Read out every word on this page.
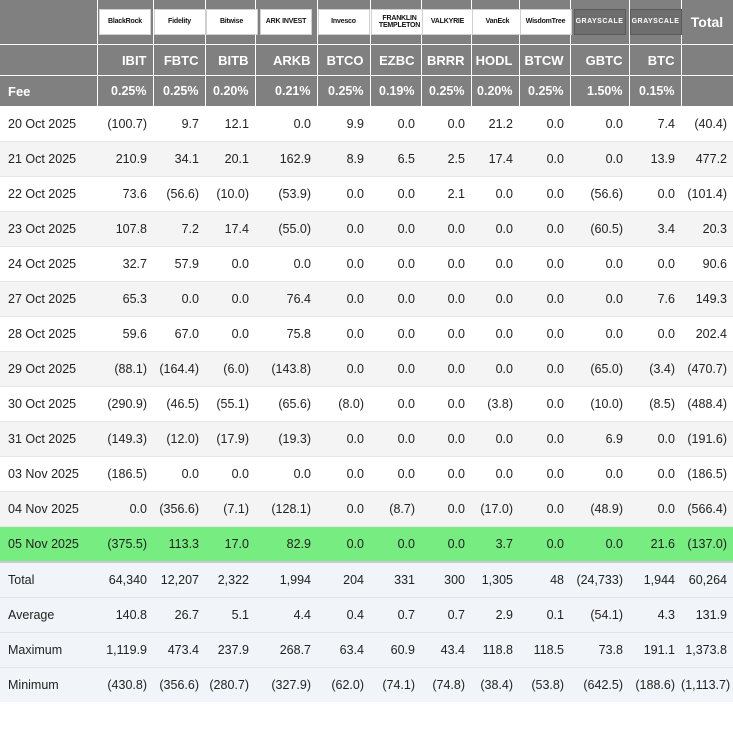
	BlackRock	Fidelity	Bitwise	ARK INVEST	Invesco	FRANKLIN TEMPLETON	VALKYRIE	VanEck	WisdomTree	GRAYSCALE	GRAYSCALE	Total
	IBIT	FBTC	BITB	ARKB	BTCO	EZBC	BRRR	HODL	BTCW	GBTC	BTC	
Fee	0.25%	0.25%	0.20%	0.21%	0.25%	0.19%	0.25%	0.20%	0.25%	1.50%	0.15%	
20 Oct 2025	(100.7)	9.7	12.1	0.0	9.9	0.0	0.0	21.2	0.0	0.0	7.4	(40.4)
21 Oct 2025	210.9	34.1	20.1	162.9	8.9	6.5	2.5	17.4	0.0	0.0	13.9	477.2
22 Oct 2025	73.6	(56.6)	(10.0)	(53.9)	0.0	0.0	2.1	0.0	0.0	(56.6)	0.0	(101.4)
23 Oct 2025	107.8	7.2	17.4	(55.0)	0.0	0.0	0.0	0.0	0.0	(60.5)	3.4	20.3
24 Oct 2025	32.7	57.9	0.0	0.0	0.0	0.0	0.0	0.0	0.0	0.0	0.0	90.6
27 Oct 2025	65.3	0.0	0.0	76.4	0.0	0.0	0.0	0.0	0.0	0.0	7.6	149.3
28 Oct 2025	59.6	67.0	0.0	75.8	0.0	0.0	0.0	0.0	0.0	0.0	0.0	202.4
29 Oct 2025	(88.1)	(164.4)	(6.0)	(143.8)	0.0	0.0	0.0	0.0	0.0	(65.0)	(3.4)	(470.7)
30 Oct 2025	(290.9)	(46.5)	(55.1)	(65.6)	(8.0)	0.0	0.0	(3.8)	0.0	(10.0)	(8.5)	(488.4)
31 Oct 2025	(149.3)	(12.0)	(17.9)	(19.3)	0.0	0.0	0.0	0.0	0.0	6.9	0.0	(191.6)
03 Nov 2025	(186.5)	0.0	0.0	0.0	0.0	0.0	0.0	0.0	0.0	0.0	0.0	(186.5)
04 Nov 2025	0.0	(356.6)	(7.1)	(128.1)	0.0	(8.7)	0.0	(17.0)	0.0	(48.9)	0.0	(566.4)
05 Nov 2025	(375.5)	113.3	17.0	82.9	0.0	0.0	0.0	3.7	0.0	0.0	21.6	(137.0)
Total	64,340	12,207	2,322	1,994	204	331	300	1,305	48	(24,733)	1,944	60,264
Average	140.8	26.7	5.1	4.4	0.4	0.7	0.7	2.9	0.1	(54.1)	4.3	131.9
Maximum	1,119.9	473.4	237.9	268.7	63.4	60.9	43.4	118.8	118.5	73.8	191.1	1,373.8
Minimum	(430.8)	(356.6)	(280.7)	(327.9)	(62.0)	(74.1)	(74.8)	(38.4)	(53.8)	(642.5)	(188.6)	(1,113.7)
